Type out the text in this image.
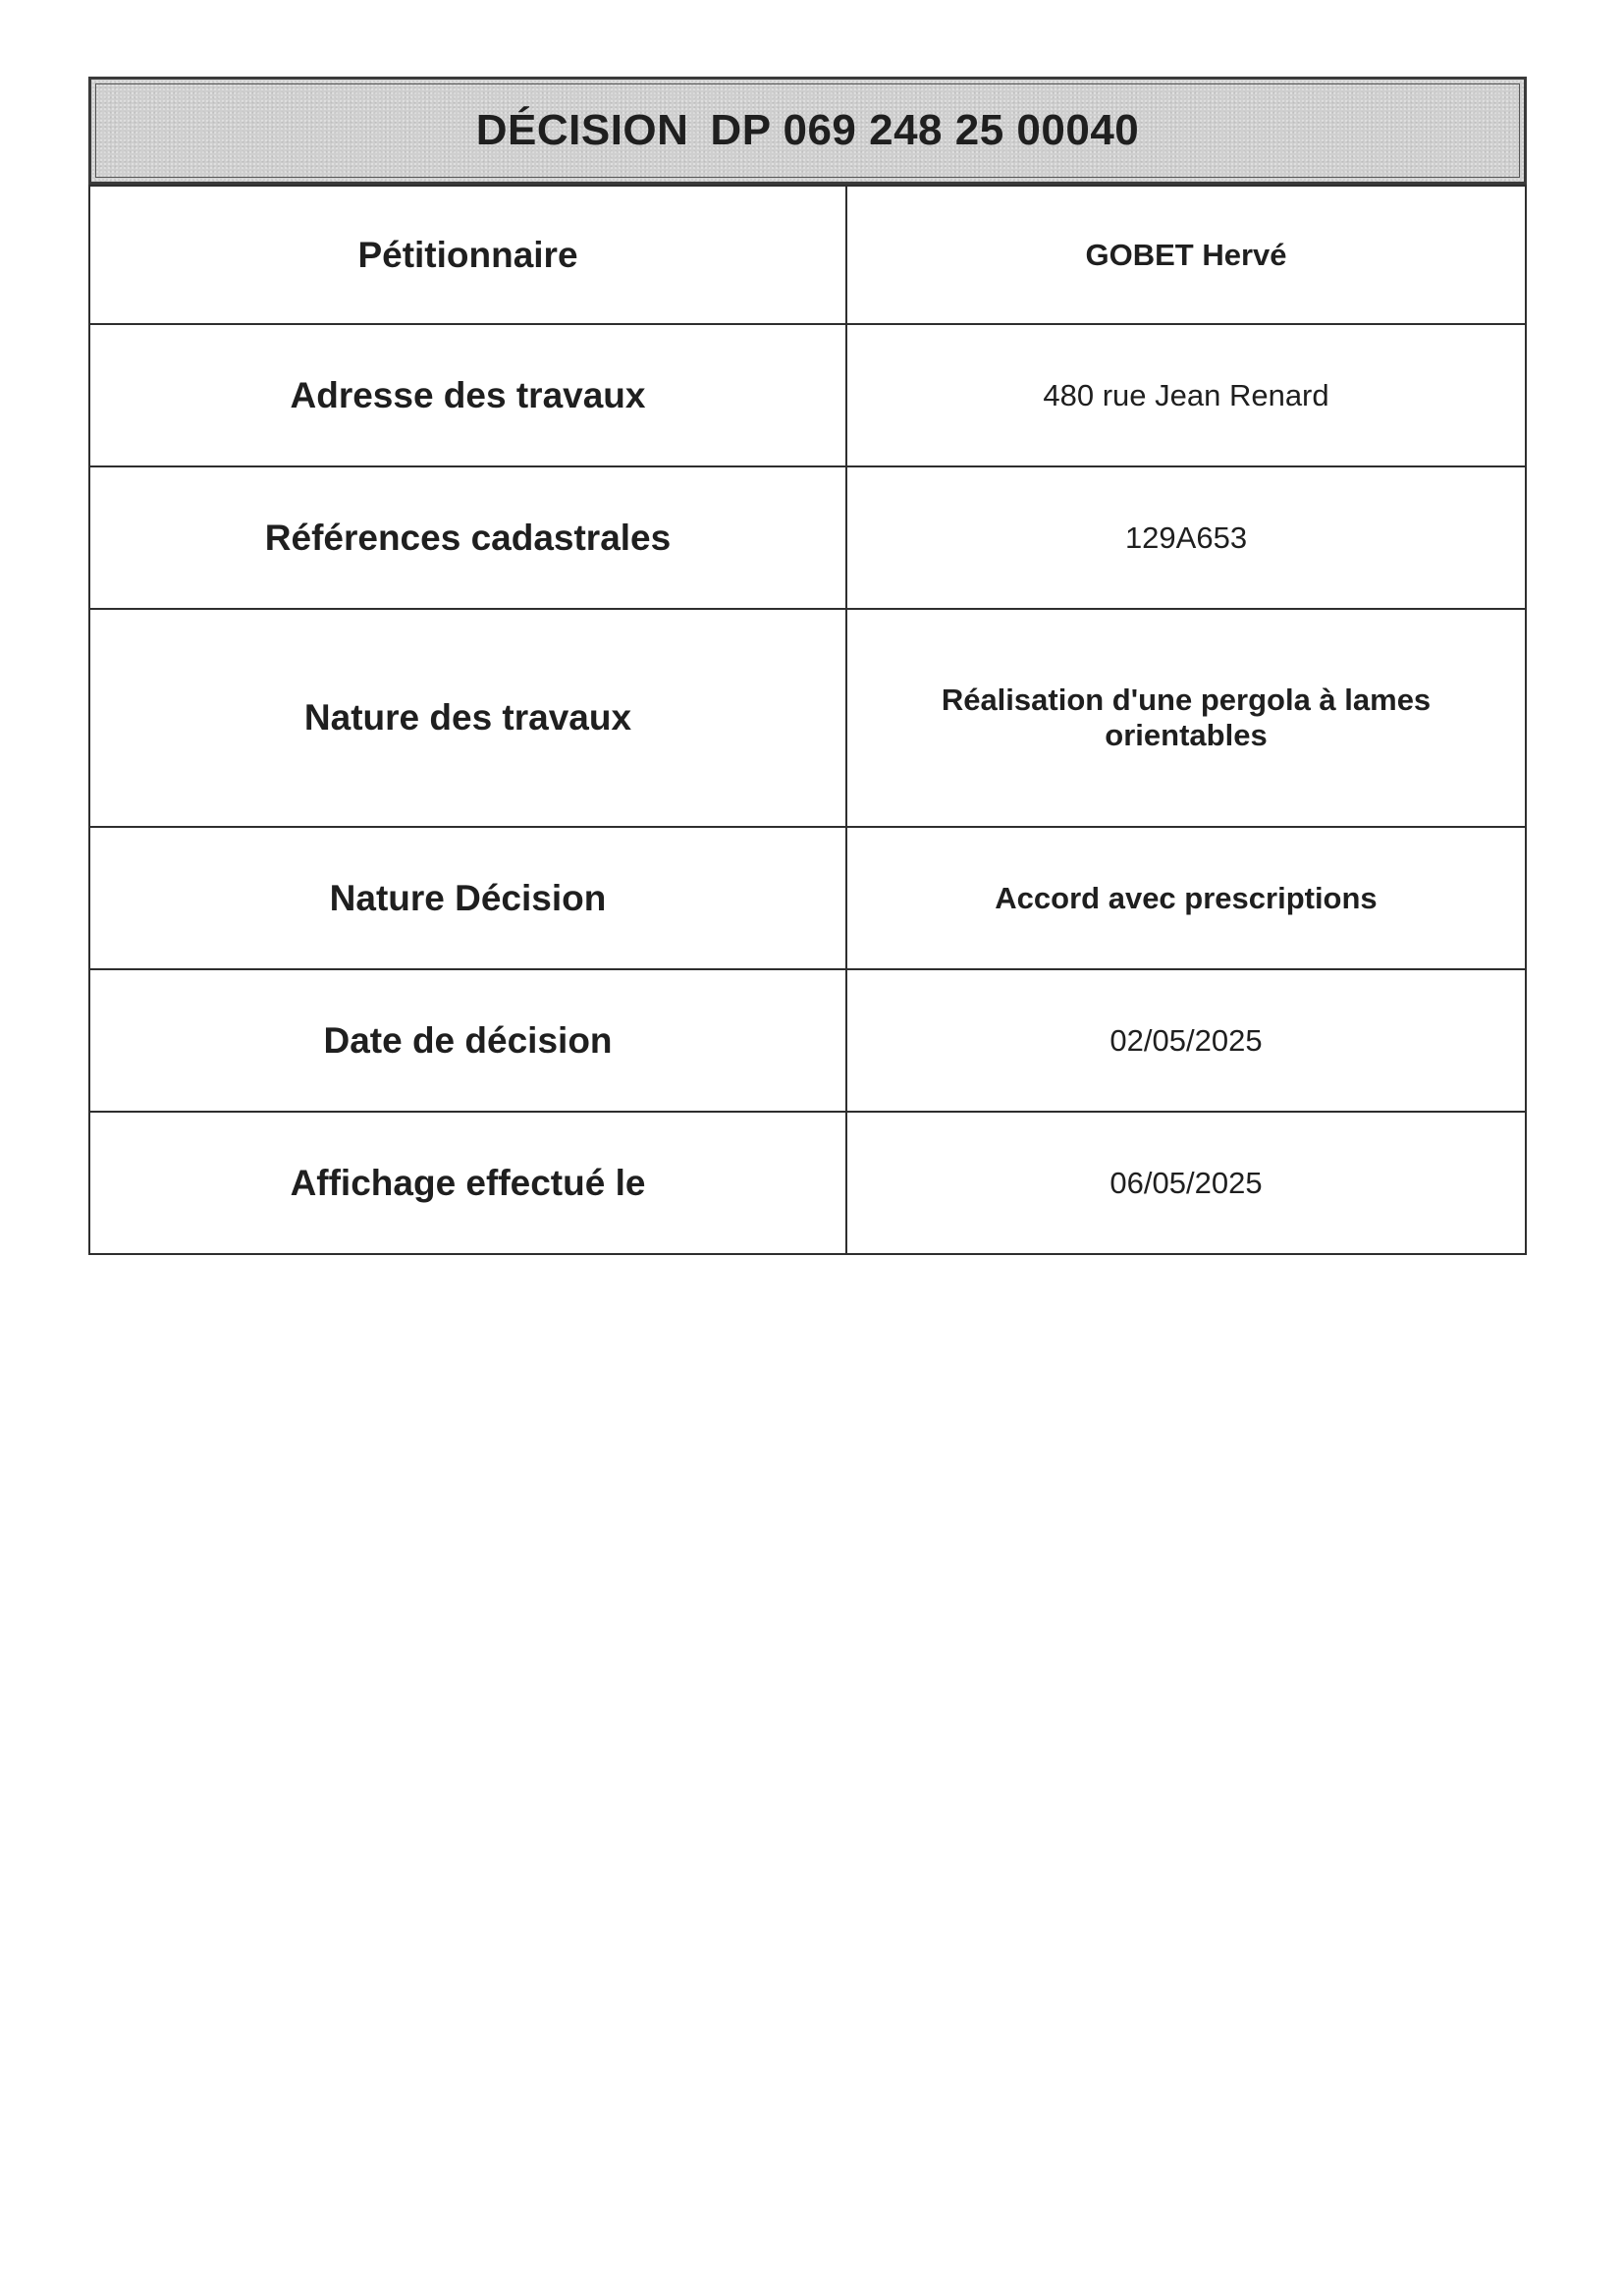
DÉCISION DP 069 248 25 00040
Pétitionnaire	GOBET Hervé
Adresse des travaux	480 rue Jean Renard
Références cadastrales	129A653
Nature des travaux	Réalisation d'une pergola à lames orientables
Nature Décision	Accord avec prescriptions
Date de décision	02/05/2025
Affichage effectué le	06/05/2025
